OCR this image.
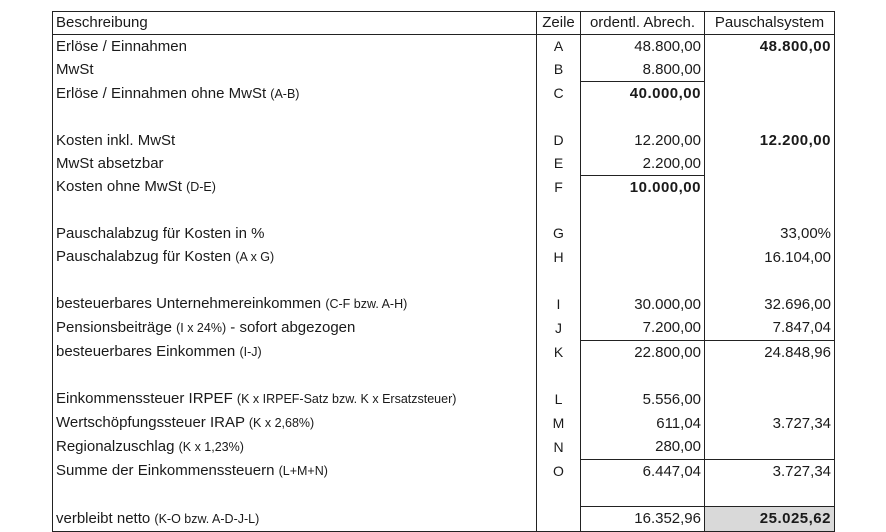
Beschreibung	Zeile	ordentl. Abrech.	Pauschalsystem
Erlöse / Einnahmen	A	48.800,00	48.800,00
MwSt	B	8.800,00	
Erlöse / Einnahmen ohne MwSt (A-B)	C	40.000,00	

Kosten inkl. MwSt	D	12.200,00	12.200,00
MwSt absetzbar	E	2.200,00	
Kosten ohne MwSt (D-E)	F	10.000,00	

Pauschalabzug für Kosten in %	G		33,00%
Pauschalabzug für Kosten (A x G)	H		16.104,00

besteuerbares Unternehmereinkommen (C-F bzw. A-H)	I	30.000,00	32.696,00
Pensionsbeiträge (I x 24%) - sofort abgezogen	J	7.200,00	7.847,04
besteuerbares Einkommen (I-J)	K	22.800,00	24.848,96

Einkommenssteuer IRPEF (K x IRPEF-Satz bzw. K x Ersatzsteuer)	L	5.556,00	
Wertschöpfungssteuer IRAP (K x 2,68%)	M	611,04	3.727,34
Regionalzuschlag (K x 1,23%)	N	280,00	
Summe der Einkommenssteuern (L+M+N)	O	6.447,04	3.727,34

verbleibt netto (K-O bzw. A-D-J-L)		16.352,96	25.025,62
